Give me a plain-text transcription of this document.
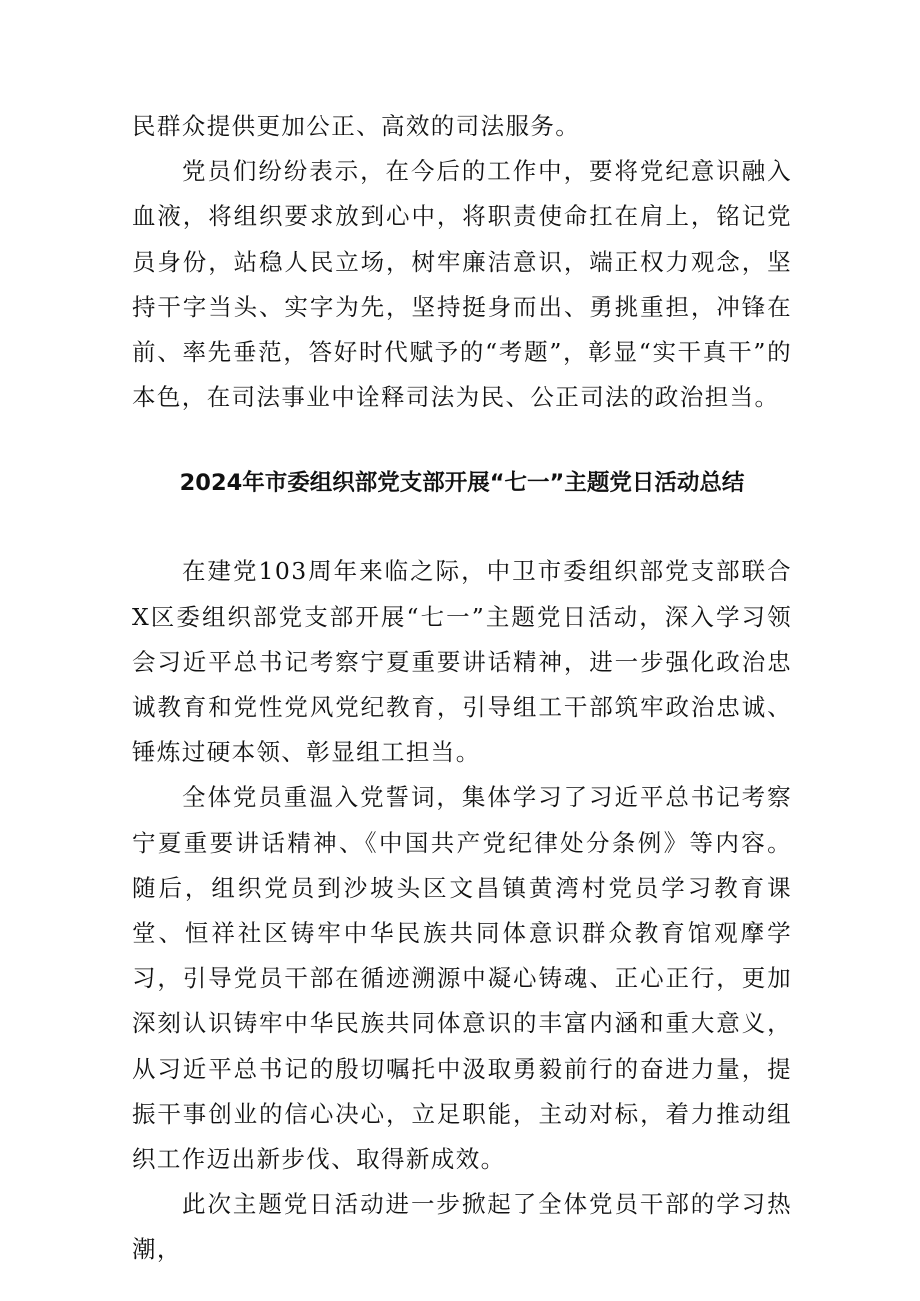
民群众提供更加公正、高效的司法服务。

党员们纷纷表示，在今后的工作中，要将党纪意识融入血液，将组织要求放到心中，将职责使命扛在肩上，铭记党员身份，站稳人民立场，树牢廉洁意识，端正权力观念，坚持干字当头、实字为先，坚持挺身而出、勇挑重担，冲锋在前、率先垂范，答好时代赋予的“考题”，彰显“实干真干”的本色，在司法事业中诠释司法为民、公正司法的政治担当。

2024年市委组织部党支部开展“七一”主题党日活动总结

在建党103周年来临之际，中卫市委组织部党支部联合X区委组织部党支部开展“七一”主题党日活动，深入学习领会习近平总书记考察宁夏重要讲话精神，进一步强化政治忠诚教育和党性党风党纪教育，引导组工干部筑牢政治忠诚、锤炼过硬本领、彰显组工担当。

全体党员重温入党誓词，集体学习了习近平总书记考察宁夏重要讲话精神、《中国共产党纪律处分条例》等内容。随后，组织党员到沙坡头区文昌镇黄湾村党员学习教育课堂、恒祥社区铸牢中华民族共同体意识群众教育馆观摩学习，引导党员干部在循迹溯源中凝心铸魂、正心正行，更加深刻认识铸牢中华民族共同体意识的丰富内涵和重大意义，从习近平总书记的殷切嘱托中汲取勇毅前行的奋进力量，提振干事创业的信心决心，立足职能，主动对标，着力推动组织工作迈出新步伐、取得新成效。

此次主题党日活动进一步掀起了全体党员干部的学习热潮，
